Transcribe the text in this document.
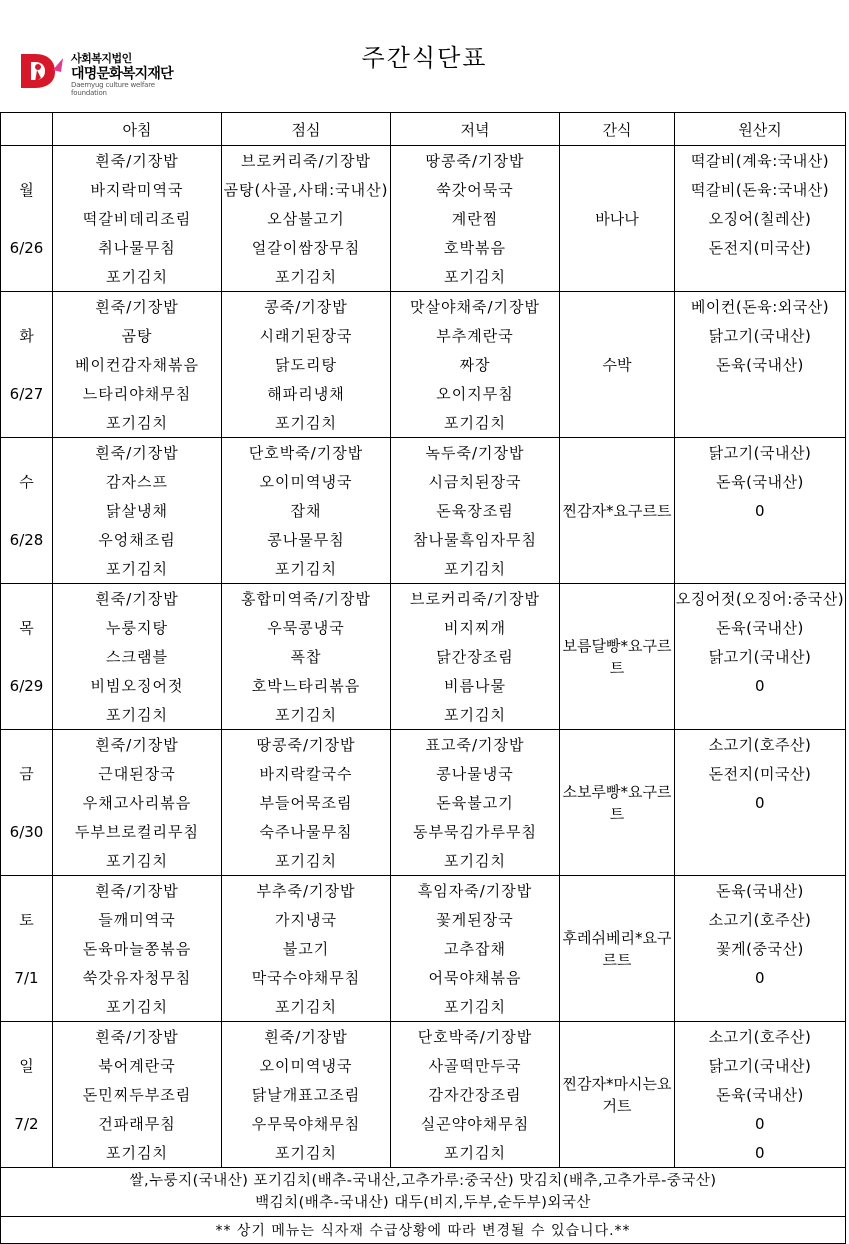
사회복지법인
대명문화복지재단
Daemyug culture welfare foundation
주간식단표
	아침	점심	저녁	간식	원산지
	흰죽/기장밥	브로커리죽/기장밥	땅콩죽/기장밥	바나나	떡갈비(계육:국내산)
월	바지락미역국	곰탕(사골,사태:국내산)	쑥갓어묵국		떡갈비(돈육:국내산)
	떡갈비데리조림	오삼불고기	계란찜		오징어(칠레산)
6/26	취나물무침	얼갈이쌈장무침	호박볶음		돈전지(미국산)
	포기김치	포기김치	포기김치		
	흰죽/기장밥	콩죽/기장밥	맛살야채죽/기장밥	수박	베이컨(돈육:외국산)
화	곰탕	시래기된장국	부추계란국		닭고기(국내산)
	베이컨감자채볶음	닭도리탕	짜장		돈육(국내산)
6/27	느타리야채무침	해파리냉채	오이지무침		
	포기김치	포기김치	포기김치		
	흰죽/기장밥	단호박죽/기장밥	녹두죽/기장밥	찐감자*요구르트	닭고기(국내산)
수	감자스프	오이미역냉국	시금치된장국		돈육(국내산)
	닭살냉채	잡채	돈육장조림		0
6/28	우엉채조림	콩나물무침	참나물흑임자무침		
	포기김치	포기김치	포기김치		
	흰죽/기장밥	홍합미역죽/기장밥	브로커리죽/기장밥	보름달빵*요구르트	오징어젓(오징어:중국산)
목	누룽지탕	우묵콩냉국	비지찌개		돈육(국내산)
	스크램블	폭찹	닭간장조림		닭고기(국내산)
6/29	비빔오징어젓	호박느타리볶음	비름나물		0
	포기김치	포기김치	포기김치		
	흰죽/기장밥	땅콩죽/기장밥	표고죽/기장밥	소보루빵*요구르트	소고기(호주산)
금	근대된장국	바지락칼국수	콩나물냉국		돈전지(미국산)
	우채고사리볶음	부들어묵조림	돈육불고기		0
6/30	두부브로컬리무침	숙주나물무침	동부묵김가루무침		
	포기김치	포기김치	포기김치		
	흰죽/기장밥	부추죽/기장밥	흑임자죽/기장밥	후레쉬베리*요구르트	돈육(국내산)
토	들깨미역국	가지냉국	꽃게된장국		소고기(호주산)
	돈육마늘쫑볶음	불고기	고추잡채		꽃게(중국산)
7/1	쑥갓유자청무침	막국수야채무침	어묵야채볶음		0
	포기김치	포기김치	포기김치		
	흰죽/기장밥	흰죽/기장밥	단호박죽/기장밥	찐감자*마시는요거트	소고기(호주산)
일	북어계란국	오이미역냉국	사골떡만두국		닭고기(국내산)
	돈민찌두부조림	닭날개표고조림	감자간장조림		돈육(국내산)
7/2	건파래무침	우무묵야채무침	실곤약야채무침		0
	포기김치	포기김치	포기김치		0
쌀,누룽지(국내산) 포기김치(배추-국내산,고추가루:중국산) 맛김치(배추,고추가루-중국산)
백김치(배추-국내산) 대두(비지,두부,순두부)외국산					
** 상기 메뉴는 식자재 수급상황에 따라 변경될 수 있습니다.**					
